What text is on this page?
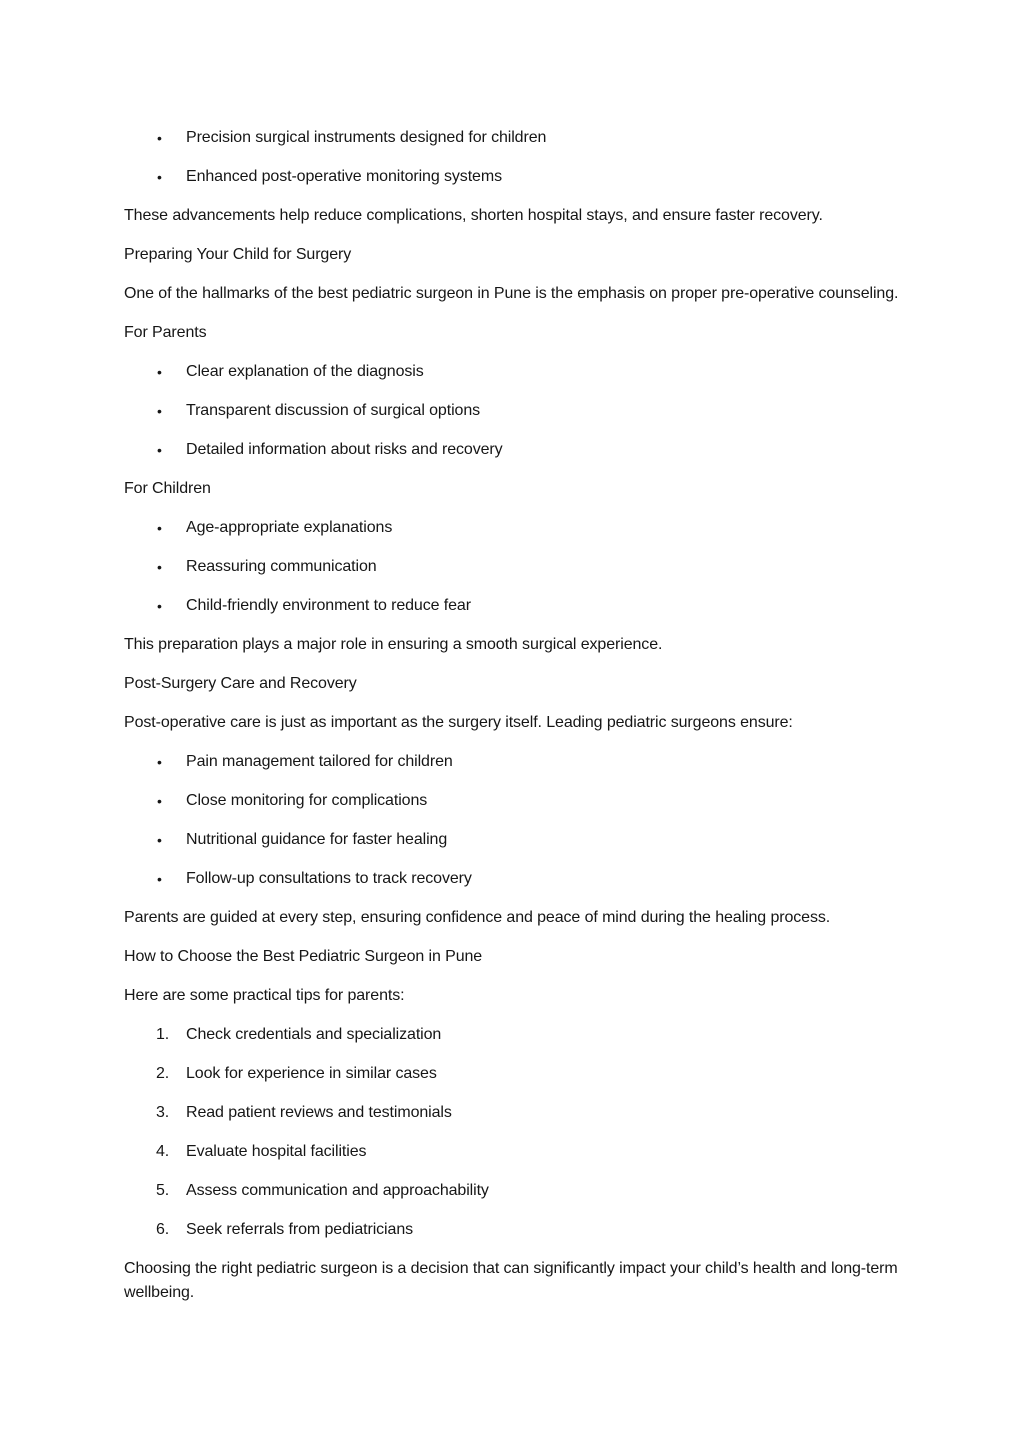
•	Precision surgical instruments designed for children
•	Enhanced post-operative monitoring systems

These advancements help reduce complications, shorten hospital stays, and ensure faster recovery.

Preparing Your Child for Surgery

One of the hallmarks of the best pediatric surgeon in Pune is the emphasis on proper pre-operative counseling.

For Parents

•	Clear explanation of the diagnosis
•	Transparent discussion of surgical options
•	Detailed information about risks and recovery

For Children

•	Age-appropriate explanations
•	Reassuring communication
•	Child-friendly environment to reduce fear

This preparation plays a major role in ensuring a smooth surgical experience.

Post-Surgery Care and Recovery

Post-operative care is just as important as the surgery itself. Leading pediatric surgeons ensure:

•	Pain management tailored for children
•	Close monitoring for complications
•	Nutritional guidance for faster healing
•	Follow-up consultations to track recovery

Parents are guided at every step, ensuring confidence and peace of mind during the healing process.

How to Choose the Best Pediatric Surgeon in Pune

Here are some practical tips for parents:

1.	Check credentials and specialization
2.	Look for experience in similar cases
3.	Read patient reviews and testimonials
4.	Evaluate hospital facilities
5.	Assess communication and approachability
6.	Seek referrals from pediatricians

Choosing the right pediatric surgeon is a decision that can significantly impact your child’s health and long-term wellbeing.
